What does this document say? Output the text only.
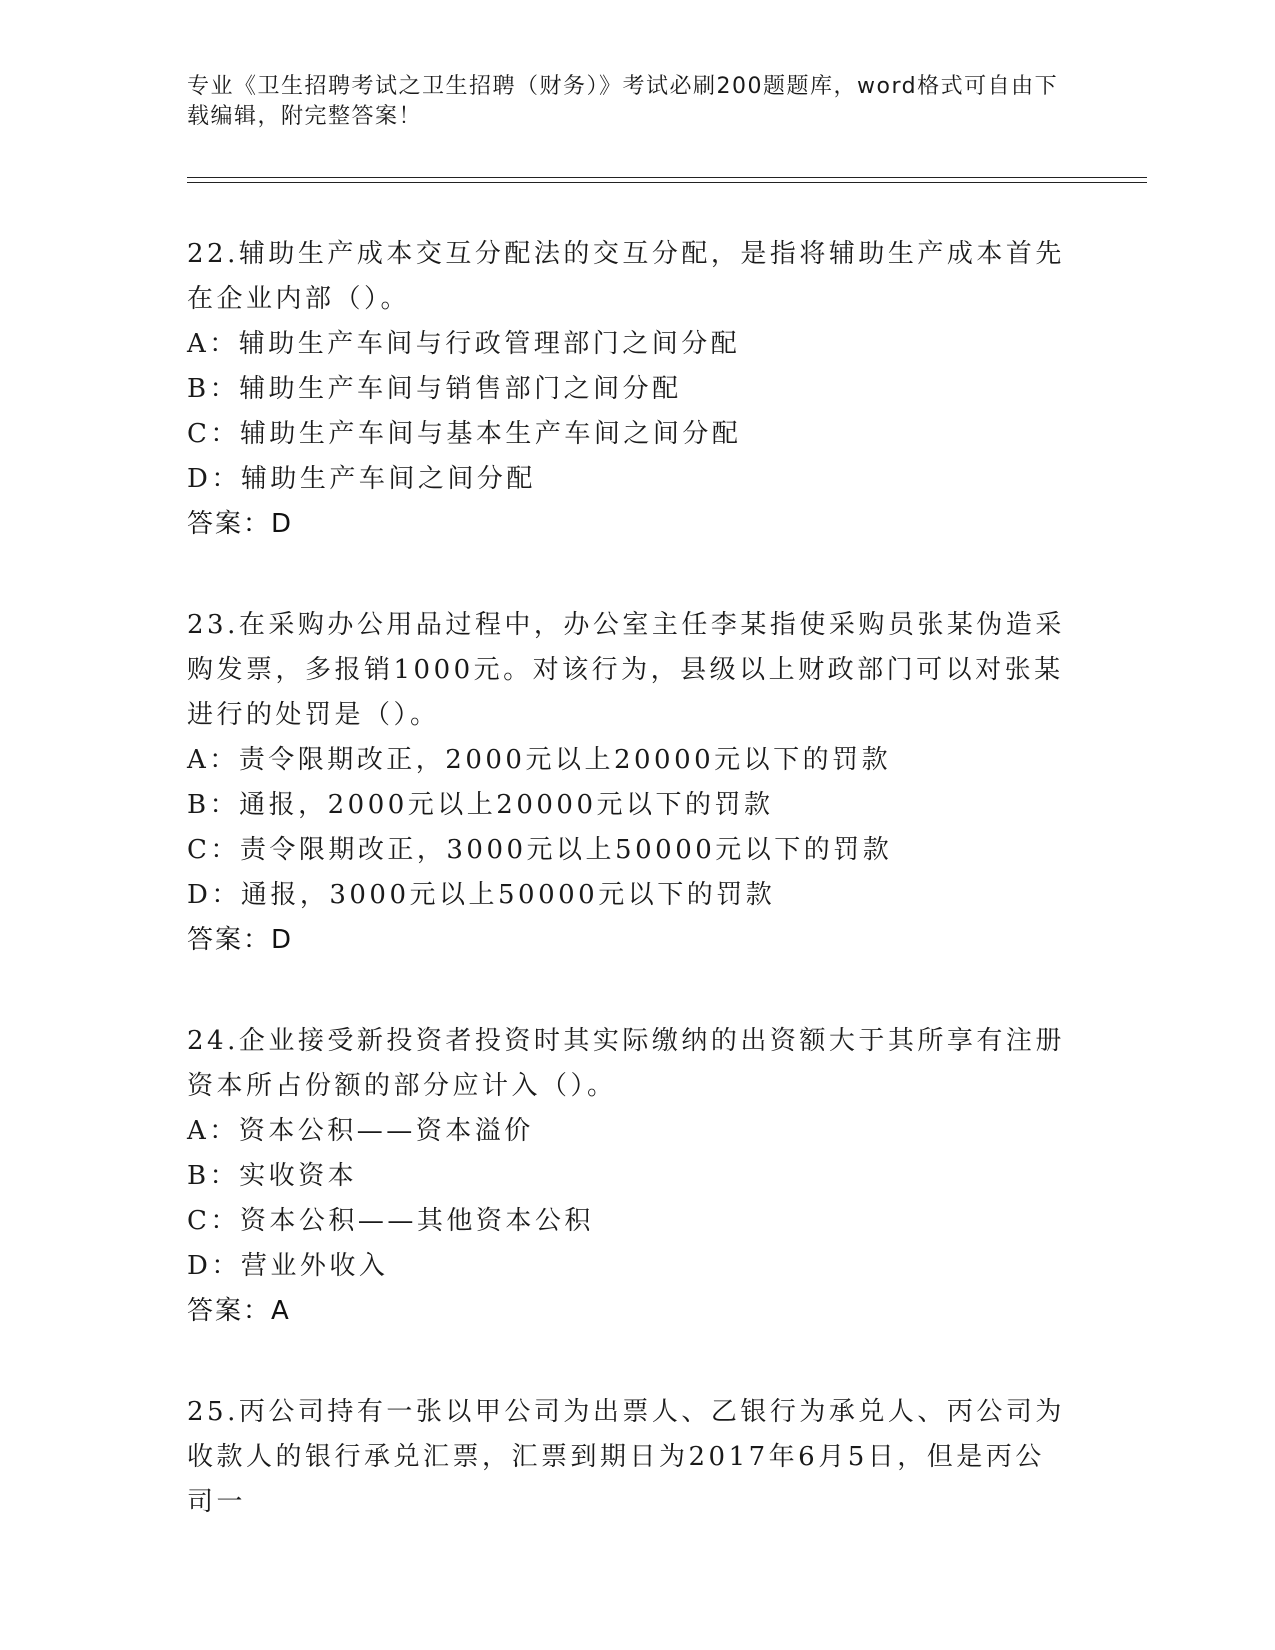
专业《卫生招聘考试之卫生招聘（财务）》考试必刷200题题库，word格式可自由下载编辑，附完整答案！
22.辅助生产成本交互分配法的交互分配，是指将辅助生产成本首先在企业内部（）。
A：辅助生产车间与行政管理部门之间分配
B：辅助生产车间与销售部门之间分配
C：辅助生产车间与基本生产车间之间分配
D：辅助生产车间之间分配
答案：D
23.在采购办公用品过程中，办公室主任李某指使采购员张某伪造采购发票，多报销1000元。对该行为，县级以上财政部门可以对张某进行的处罚是（）。
A：责令限期改正，2000元以上20000元以下的罚款
B：通报，2000元以上20000元以下的罚款
C：责令限期改正，3000元以上50000元以下的罚款
D：通报，3000元以上50000元以下的罚款
答案：D
24.企业接受新投资者投资时其实际缴纳的出资额大于其所享有注册资本所占份额的部分应计入（）。
A：资本公积——资本溢价
B：实收资本
C：资本公积——其他资本公积
D：营业外收入
答案：A
25.丙公司持有一张以甲公司为出票人、乙银行为承兑人、丙公司为收款人的银行承兑汇票，汇票到期日为2017年6月5日，但是丙公司一
